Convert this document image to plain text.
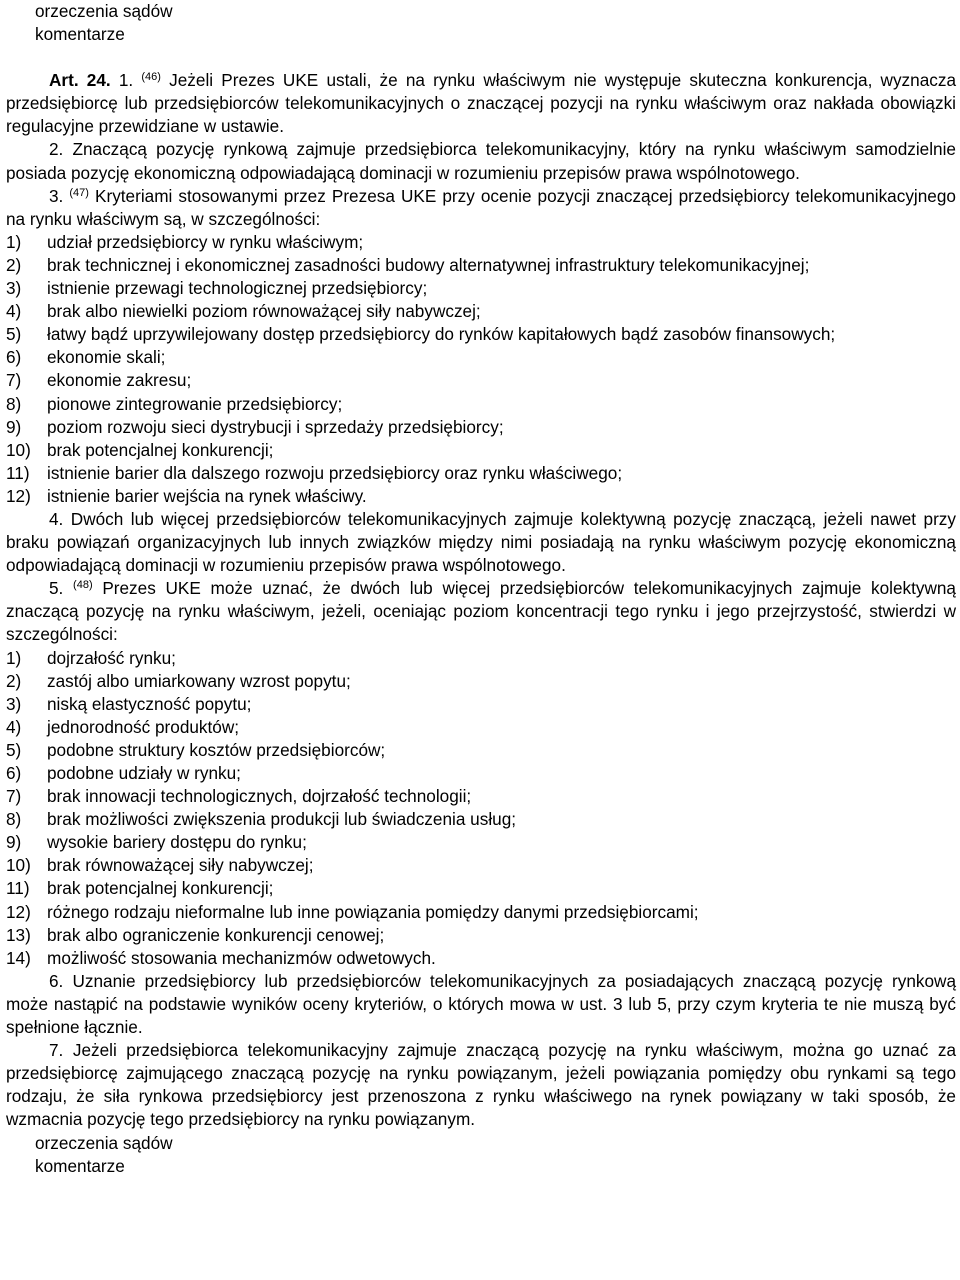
orzeczenia sądów
komentarze

Art. 24. 1. $^{(46)}$ Jeżeli Prezes UKE ustali, że na rynku właściwym nie występuje skuteczna konkurencja, wyznacza przedsiębiorcę lub przedsiębiorców telekomunikacyjnych o znaczącej pozycji na rynku właściwym oraz nakłada obowiązki regulacyjne przewidziane w ustawie.

2. Znaczącą pozycję rynkową zajmuje przedsiębiorca telekomunikacyjny, który na rynku właściwym samodzielnie posiada pozycję ekonomiczną odpowiadającą dominacji w rozumieniu przepisów prawa wspólnotowego.

3. $^{(47)}$ Kryteriami stosowanymi przez Prezesa UKE przy ocenie pozycji znaczącej przedsiębiorcy telekomunikacyjnego na rynku właściwym są, w szczególności:

1)	udział przedsiębiorcy w rynku właściwym;
2)	brak technicznej i ekonomicznej zasadności budowy alternatywnej infrastruktury telekomunikacyjnej;
3)	istnienie przewagi technologicznej przedsiębiorcy;
4)	brak albo niewielki poziom równoważącej siły nabywczej;
5)	łatwy bądź uprzywilejowany dostęp przedsiębiorcy do rynków kapitałowych bądź zasobów finansowych;
6)	ekonomie skali;
7)	ekonomie zakresu;
8)	pionowe zintegrowanie przedsiębiorcy;
9)	poziom rozwoju sieci dystrybucji i sprzedaży przedsiębiorcy;
10) brak potencjalnej konkurencji;
11)	istnienie barier dla dalszego rozwoju przedsiębiorcy oraz rynku właściwego;
12) istnienie barier wejścia na rynek właściwy.

4. Dwóch lub więcej przedsiębiorców telekomunikacyjnych zajmuje kolektywną pozycję znaczącą, jeżeli nawet przy braku powiązań organizacyjnych lub innych związków między nimi posiadają na rynku właściwym pozycję ekonomiczną odpowiadającą dominacji w rozumieniu przepisów prawa wspólnotowego.

5. $^{(48)}$ Prezes UKE może uznać, że dwóch lub więcej przedsiębiorców telekomunikacyjnych zajmuje kolektywną znaczącą pozycję na rynku właściwym, jeżeli, oceniając poziom koncentracji tego rynku i jego przejrzystość, stwierdzi w szczególności:

1)	dojrzałość rynku;
2)	zastój albo umiarkowany wzrost popytu;
3)	niską elastyczność popytu;
4)	jednorodność produktów;
5)	podobne struktury kosztów przedsiębiorców;
6)	podobne udziały w rynku;
7)	brak innowacji technologicznych, dojrzałość technologii;
8)	brak możliwości zwiększenia produkcji lub świadczenia usług;
9)	wysokie bariery dostępu do rynku;
10) brak równoważącej siły nabywczej;
11)	brak potencjalnej konkurencji;
12) różnego rodzaju nieformalne lub inne powiązania pomiędzy danymi przedsiębiorcami;
13) brak albo ograniczenie konkurencji cenowej;
14) możliwość stosowania mechanizmów odwetowych.

6. Uznanie przedsiębiorcy lub przedsiębiorców telekomunikacyjnych za posiadających znaczącą pozycję rynkową może nastąpić na podstawie wyników oceny kryteriów, o których mowa w ust. 3 lub 5, przy czym kryteria te nie muszą być spełnione łącznie.

7. Jeżeli przedsiębiorca telekomunikacyjny zajmuje znaczącą pozycję na rynku właściwym, można go uznać za przedsiębiorcę zajmującego znaczącą pozycję na rynku powiązanym, jeżeli powiązania pomiędzy obu rynkami są tego rodzaju, że siła rynkowa przedsiębiorcy jest przenoszona z rynku właściwego na rynek powiązany w taki sposób, że wzmacnia pozycję tego przedsiębiorcy na rynku powiązanym.

orzeczenia sądów
komentarze
